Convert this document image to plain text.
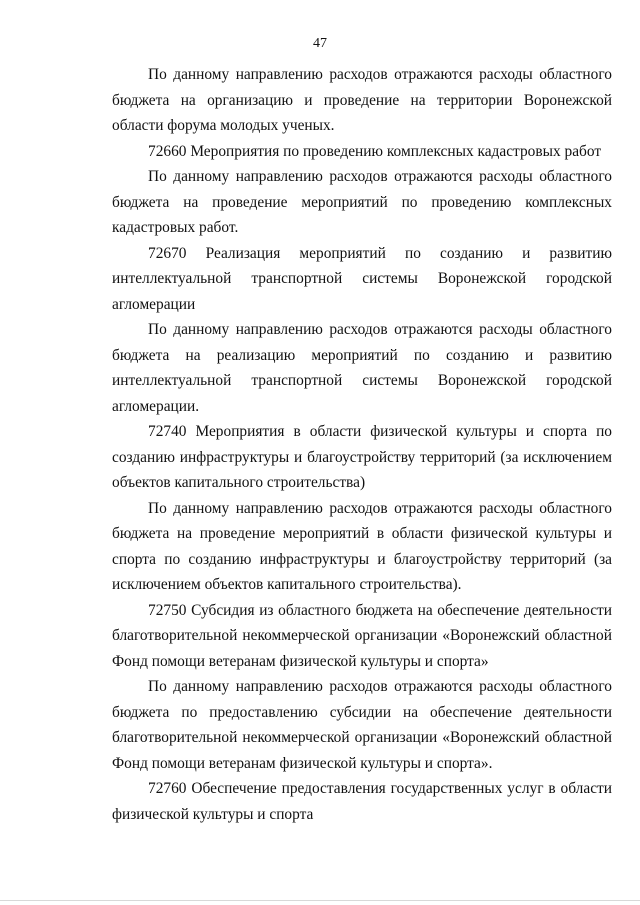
47

По данному направлению расходов отражаются расходы областного бюджета на организацию и проведение на территории Воронежской области форума молодых ученых.

72660 Мероприятия по проведению комплексных кадастровых работ

По данному направлению расходов отражаются расходы областного бюджета на проведение мероприятий по проведению комплексных кадастровых работ.

72670 Реализация мероприятий по созданию и развитию интеллектуальной транспортной системы Воронежской городской агломерации

По данному направлению расходов отражаются расходы областного бюджета на реализацию мероприятий по созданию и развитию интеллектуальной транспортной системы Воронежской городской агломерации.

72740 Мероприятия в области физической культуры и спорта по созданию инфраструктуры и благоустройству территорий (за исключением объектов капитального строительства)

По данному направлению расходов отражаются расходы областного бюджета на проведение мероприятий в области физической культуры и спорта по созданию инфраструктуры и благоустройству территорий (за исключением объектов капитального строительства).

72750 Субсидия из областного бюджета на обеспечение деятельности благотворительной некоммерческой организации «Воронежский областной Фонд помощи ветеранам физической культуры и спорта»

По данному направлению расходов отражаются расходы областного бюджета по предоставлению субсидии на обеспечение деятельности благотворительной некоммерческой организации «Воронежский областной Фонд помощи ветеранам физической культуры и спорта».

72760 Обеспечение предоставления государственных услуг в области физической культуры и спорта
